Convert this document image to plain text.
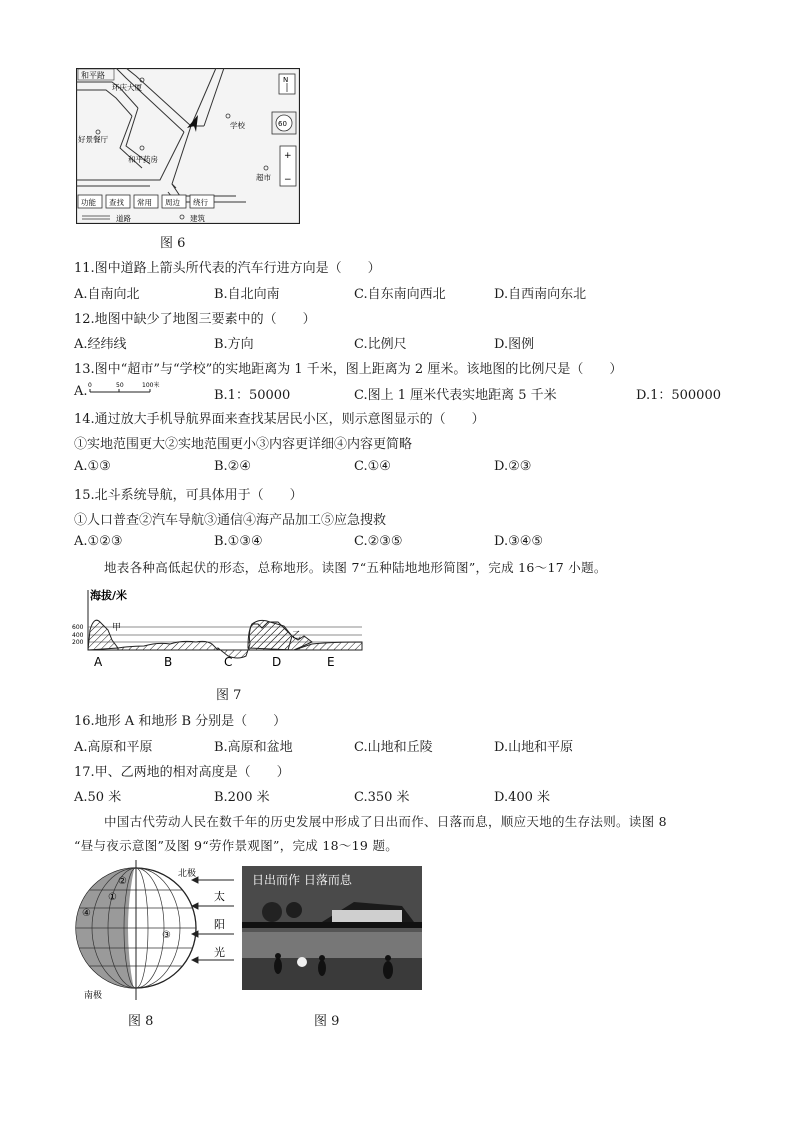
和平路
环庆大厦
好景餐厅
学校
和平药房
超市
N
60
+
−
功能 查找 常用 周边 绕行
道路	建筑
图 6
11.图中道路上箭头所代表的汽车行进方向是（　　）
A.自南向北	B.自北向南	C.自东南向西北	D.自西南向东北
12.地图中缺少了地图三要素中的（　　）
A.经纬线	B.方向	C.比例尺	D.图例
13.图中“超市”与“学校”的实地距离为 1 千米，图上距离为 2 厘米。该地图的比例尺是（　　）
A. 0	50	100米
B.1：50000	C.图上 1 厘米代表实地距离 5 千米	D.1：500000
14.通过放大手机导航界面来查找某居民小区，则示意图显示的（　　）
①实地范围更大②实地范围更小③内容更详细④内容更简略
A.①③	B.②④	C.①④	D.②③
15.北斗系统导航，可具体用于（　　）
①人口普查②汽车导航③通信④海产品加工⑤应急搜救
A.①②③	B.①③④	C.②③⑤	D.③④⑤
地表各种高低起伏的形态，总称地形。读图 7“五种陆地地形简图”，完成 16～17 小题。
海拔/米
600
400
200
甲
乙
A	B	C	D	E
图 7
16.地形 A 和地形 B 分别是（　　）
A.高原和平原	B.高原和盆地	C.山地和丘陵	D.山地和平原
17.甲、乙两地的相对高度是（　　）
A.50 米	B.200 米	C.350 米	D.400 米
中国古代劳动人民在数千年的历史发展中形成了日出而作、日落而息，顺应天地的生存法则。读图 8
“昼与夜示意图”及图 9“劳作景观图”，完成 18～19 题。
①
②
③
④
北极
南极
太
阳
光
图 8
日出而作 日落而息
图 9
